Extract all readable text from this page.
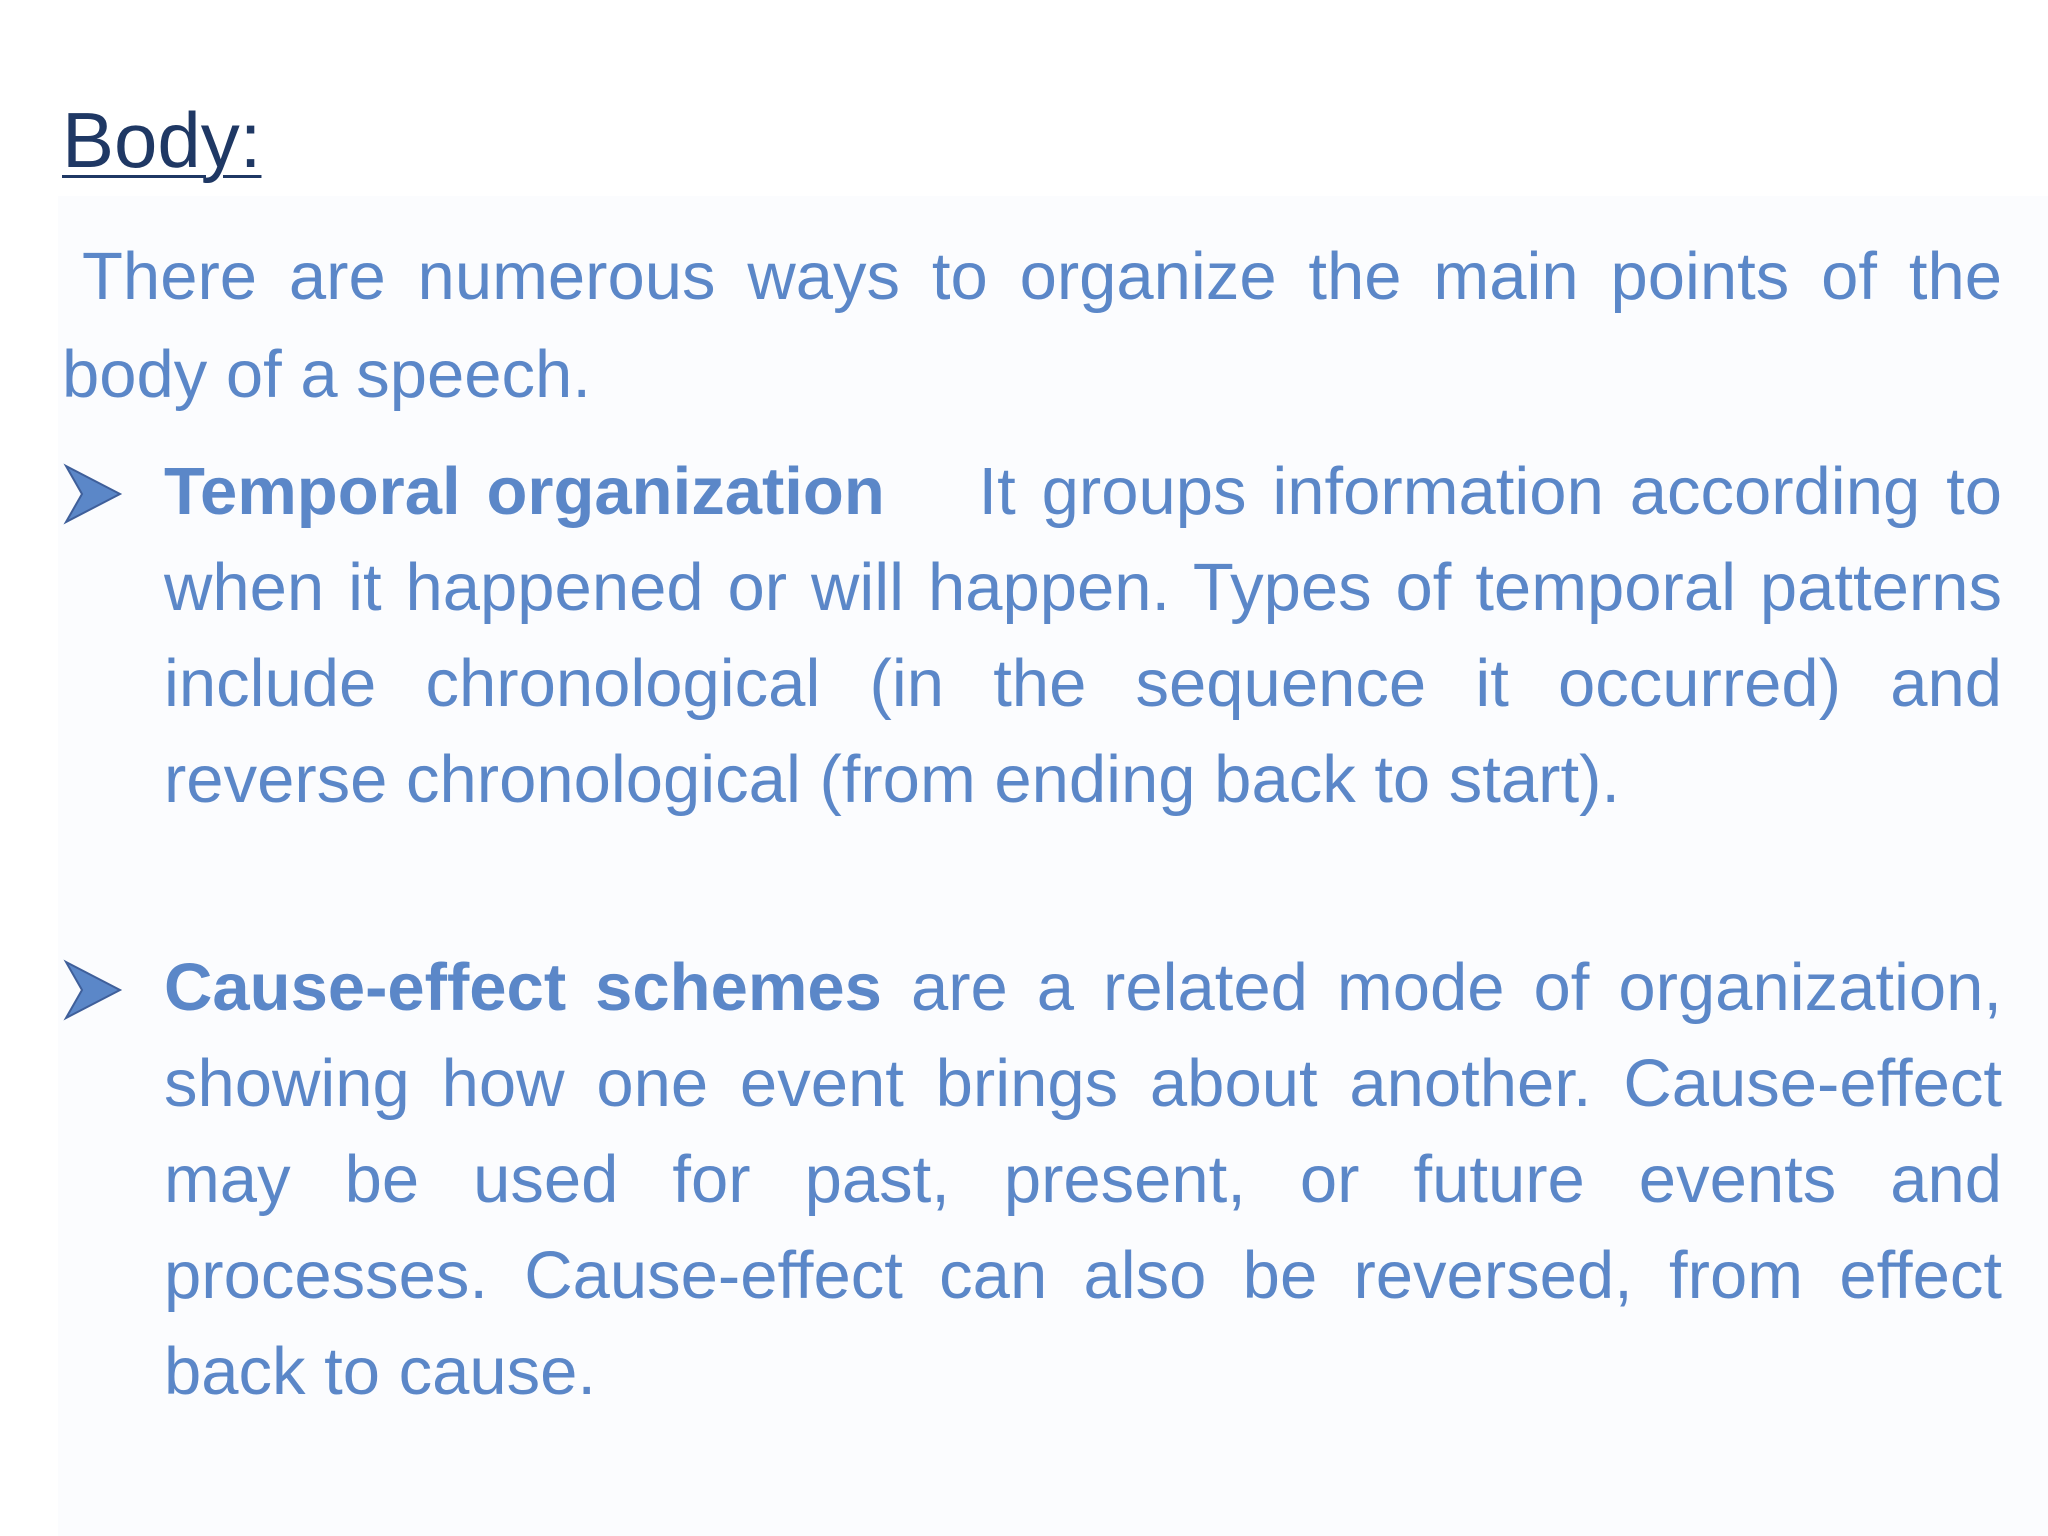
Body:

There are numerous ways to organize the main points of the body of a speech.

Temporal organization It groups information according to when it happened or will happen. Types of temporal patterns include chronological (in the sequence it occurred) and reverse chronological (from ending back to start).

Cause-effect schemes are a related mode of organization, showing how one event brings about another. Cause-effect may be used for past, present, or future events and processes. Cause-effect can also be reversed, from effect back to cause.
